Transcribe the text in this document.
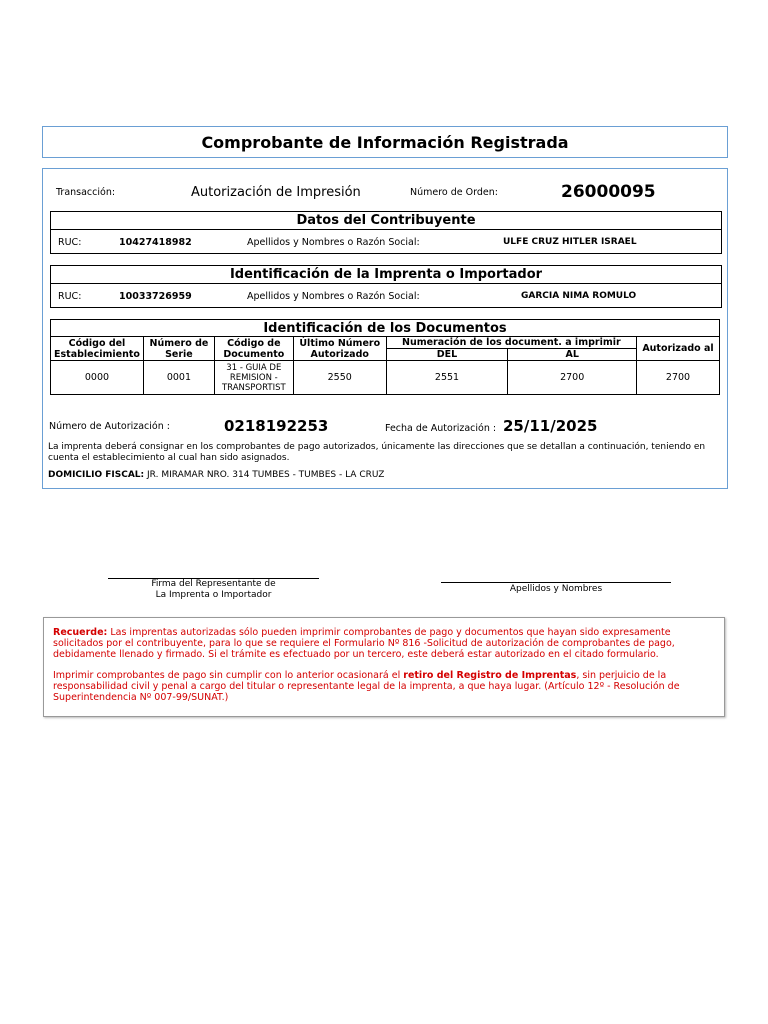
Comprobante de Información Registrada
Transacción:	Autorización de Impresión	Número de Orden:	26000095
Datos del Contribuyente
RUC:	10427418982	Apellidos y Nombres o Razón Social:	ULFE CRUZ HITLER ISRAEL
Identificación de la Imprenta o Importador
RUC:	10033726959	Apellidos y Nombres o Razón Social:	GARCIA NIMA ROMULO
Identificación de los Documentos						
Código del Establecimiento	Número de Serie	Código de Documento	Último Número Autorizado	Numeración de los document. a imprimir		Autorizado al
				DEL	AL	
0000	0001	31 - GUIA DE REMISION - TRANSPORTIST	2550	2551	2700	2700
Número de Autorización :	0218192253	Fecha de Autorización : 25/11/2025
La imprenta deberá consignar en los comprobantes de pago autorizados, únicamente las direcciones que se detallan a continuación, teniendo en cuenta el establecimiento al cual han sido asignados.
DOMICILIO FISCAL: JR. MIRAMAR NRO. 314 TUMBES - TUMBES - LA CRUZ
Firma del Representante de
La Imprenta o Importador
Apellidos y Nombres
Recuerde: Las imprentas autorizadas sólo pueden imprimir comprobantes de pago y documentos que hayan sido expresamente solicitados por el contribuyente, para lo que se requiere el Formulario Nº 816 -Solicitud de autorización de comprobantes de pago, debidamente llenado y firmado. Si el trámite es efectuado por un tercero, este deberá estar autorizado en el citado formulario.
Imprimir comprobantes de pago sin cumplir con lo anterior ocasionará el retiro del Registro de Imprentas, sin perjuicio de la responsabilidad civil y penal a cargo del titular o representante legal de la imprenta, a que haya lugar. (Artículo 12º - Resolución de Superintendencia Nº 007-99/SUNAT.)
